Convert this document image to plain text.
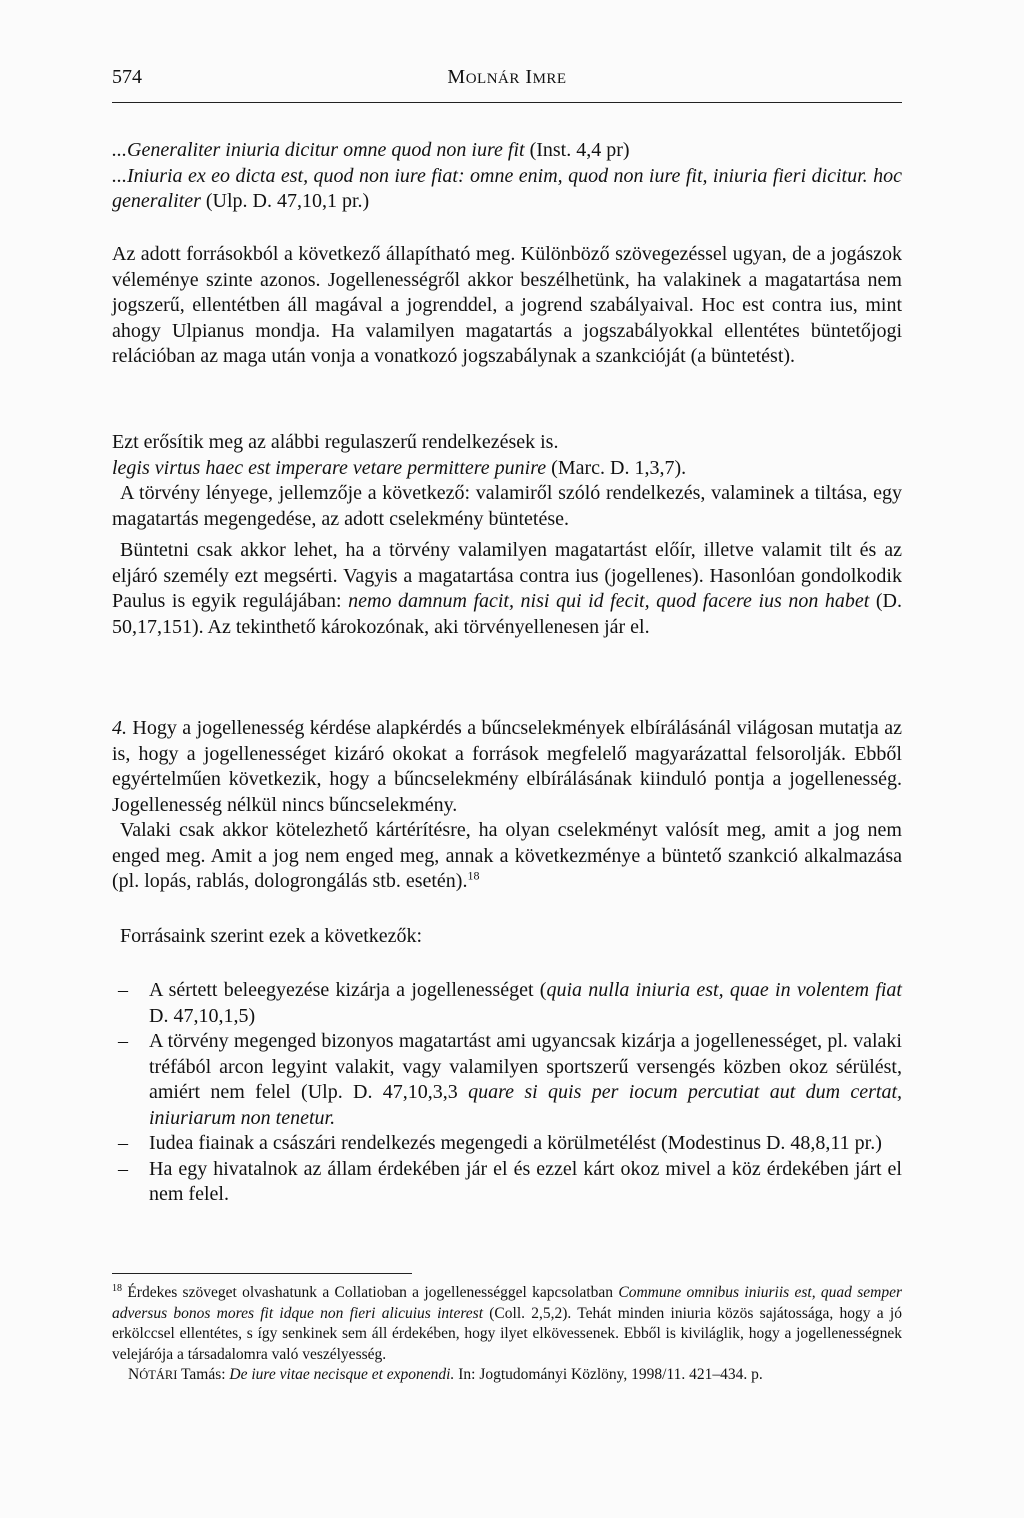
574	MOLNÁR IMRE

...Generaliter iniuria dicitur omne quod non iure fit (Inst. 4,4 pr)

...Iniuria ex eo dicta est, quod non iure fiat: omne enim, quod non iure fit, iniuria fieri dicitur. hoc generaliter (Ulp. D. 47,10,1 pr.)

Az adott forrásokból a következő állapítható meg. Különböző szövegezéssel ugyan, de a jogászok véleménye szinte azonos. Jogellenességről akkor beszélhetünk, ha valakinek a magatartása nem jogszerű, ellentétben áll magával a jogrenddel, a jogrend szabályaival. Hoc est contra ius, mint ahogy Ulpianus mondja. Ha valamilyen magatartás a jogszabályokkal ellentétes büntetőjogi relációban az maga után vonja a vonatkozó jogszabálynak a szankcióját (a büntetést).

Ezt erősítik meg az alábbi regulaszerű rendelkezések is.

legis virtus haec est imperare vetare permittere punire (Marc. D. 1,3,7).

A törvény lényege, jellemzője a következő: valamiről szóló rendelkezés, valaminek a tiltása, egy magatartás megengedése, az adott cselekmény büntetése.

Büntetni csak akkor lehet, ha a törvény valamilyen magatartást előír, illetve valamit tilt és az eljáró személy ezt megsérti. Vagyis a magatartása contra ius (jogellenes). Hasonlóan gondolkodik Paulus is egyik regulájában: nemo damnum facit, nisi qui id fecit, quod facere ius non habet (D. 50,17,151). Az tekinthető károkozónak, aki törvényellenesen jár el.

4. Hogy a jogellenesség kérdése alapkérdés a bűncselekmények elbírálásánál világosan mutatja az is, hogy a jogellenességet kizáró okokat a források megfelelő magyarázattal felsorolják. Ebből egyértelműen következik, hogy a bűncselekmény elbírálásának kiinduló pontja a jogellenesség. Jogellenesség nélkül nincs bűncselekmény.

Valaki csak akkor kötelezhető kártérítésre, ha olyan cselekményt valósít meg, amit a jog nem enged meg. Amit a jog nem enged meg, annak a következménye a büntető szankció alkalmazása (pl. lopás, rablás, dologrongálás stb. esetén).$^{18}$

Forrásaink szerint ezek a következők:

– A sértett beleegyezése kizárja a jogellenességet (quia nulla iniuria est, quae in volentem fiat D. 47,10,1,5)
– A törvény megenged bizonyos magatartást ami ugyancsak kizárja a jogellenességet, pl. valaki tréfából arcon legyint valakit, vagy valamilyen sportszerű versengés közben okoz sérülést, amiért nem felel (Ulp. D. 47,10,3,3 quare si quis per iocum percutiat aut dum certat, iniuriarum non tenetur.
– Iudea fiainak a császári rendelkezés megengedi a körülmetélést (Modestinus D. 48,8,11 pr.)
– Ha egy hivatalnok az állam érdekében jár el és ezzel kárt okoz mivel a köz érdekében járt el nem felel.

$^{18}$ Érdekes szöveget olvashatunk a Collatioban a jogellenességgel kapcsolatban Commune omnibus iniuriis est, quad semper adversus bonos mores fit idque non fieri alicuius interest (Coll. 2,5,2). Tehát minden iniuria közös sajátossága, hogy a jó erkölccsel ellentétes, s így senkinek sem áll érdekében, hogy ilyet elkövessenek. Ebből is kiviláglik, hogy a jogellenességnek velejárója a társadalomra való veszélyesség.

NÓTÁRI Tamás: De iure vitae necisque et exponendi. In: Jogtudományi Közlöny, 1998/11. 421–434. p.
